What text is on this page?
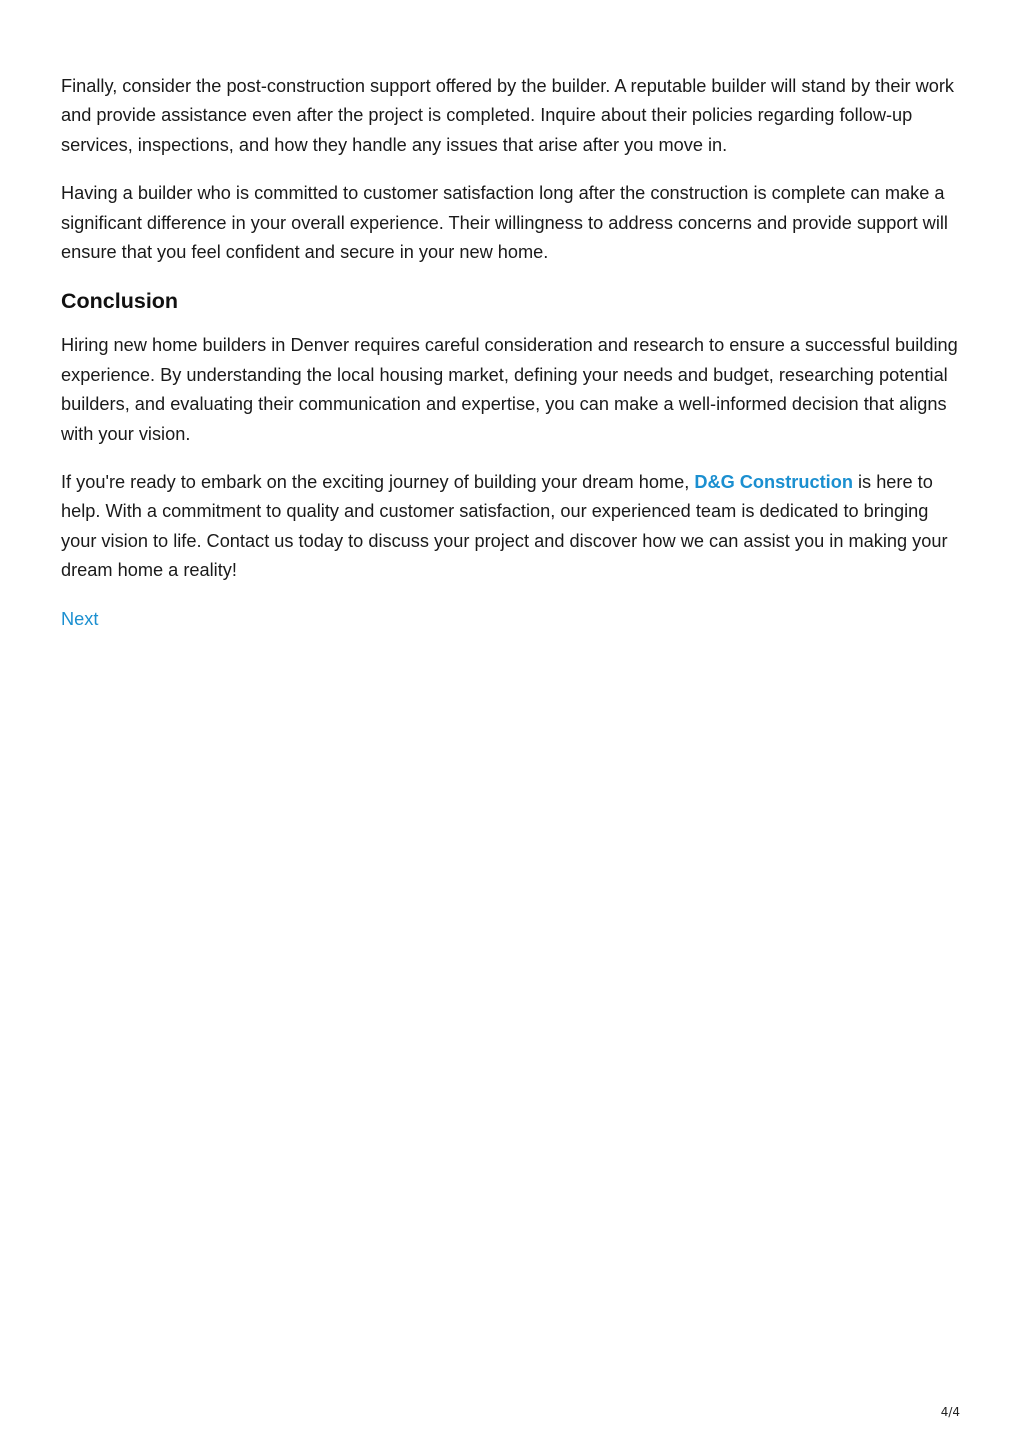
Finally, consider the post-construction support offered by the builder. A reputable builder will stand by their work and provide assistance even after the project is completed. Inquire about their policies regarding follow-up services, inspections, and how they handle any issues that arise after you move in.

Having a builder who is committed to customer satisfaction long after the construction is complete can make a significant difference in your overall experience. Their willingness to address concerns and provide support will ensure that you feel confident and secure in your new home.

Conclusion

Hiring new home builders in Denver requires careful consideration and research to ensure a successful building experience. By understanding the local housing market, defining your needs and budget, researching potential builders, and evaluating their communication and expertise, you can make a well-informed decision that aligns with your vision.

If you're ready to embark on the exciting journey of building your dream home, D&G Construction is here to help. With a commitment to quality and customer satisfaction, our experienced team is dedicated to bringing your vision to life. Contact us today to discuss your project and discover how we can assist you in making your dream home a reality!

Next
4/4
